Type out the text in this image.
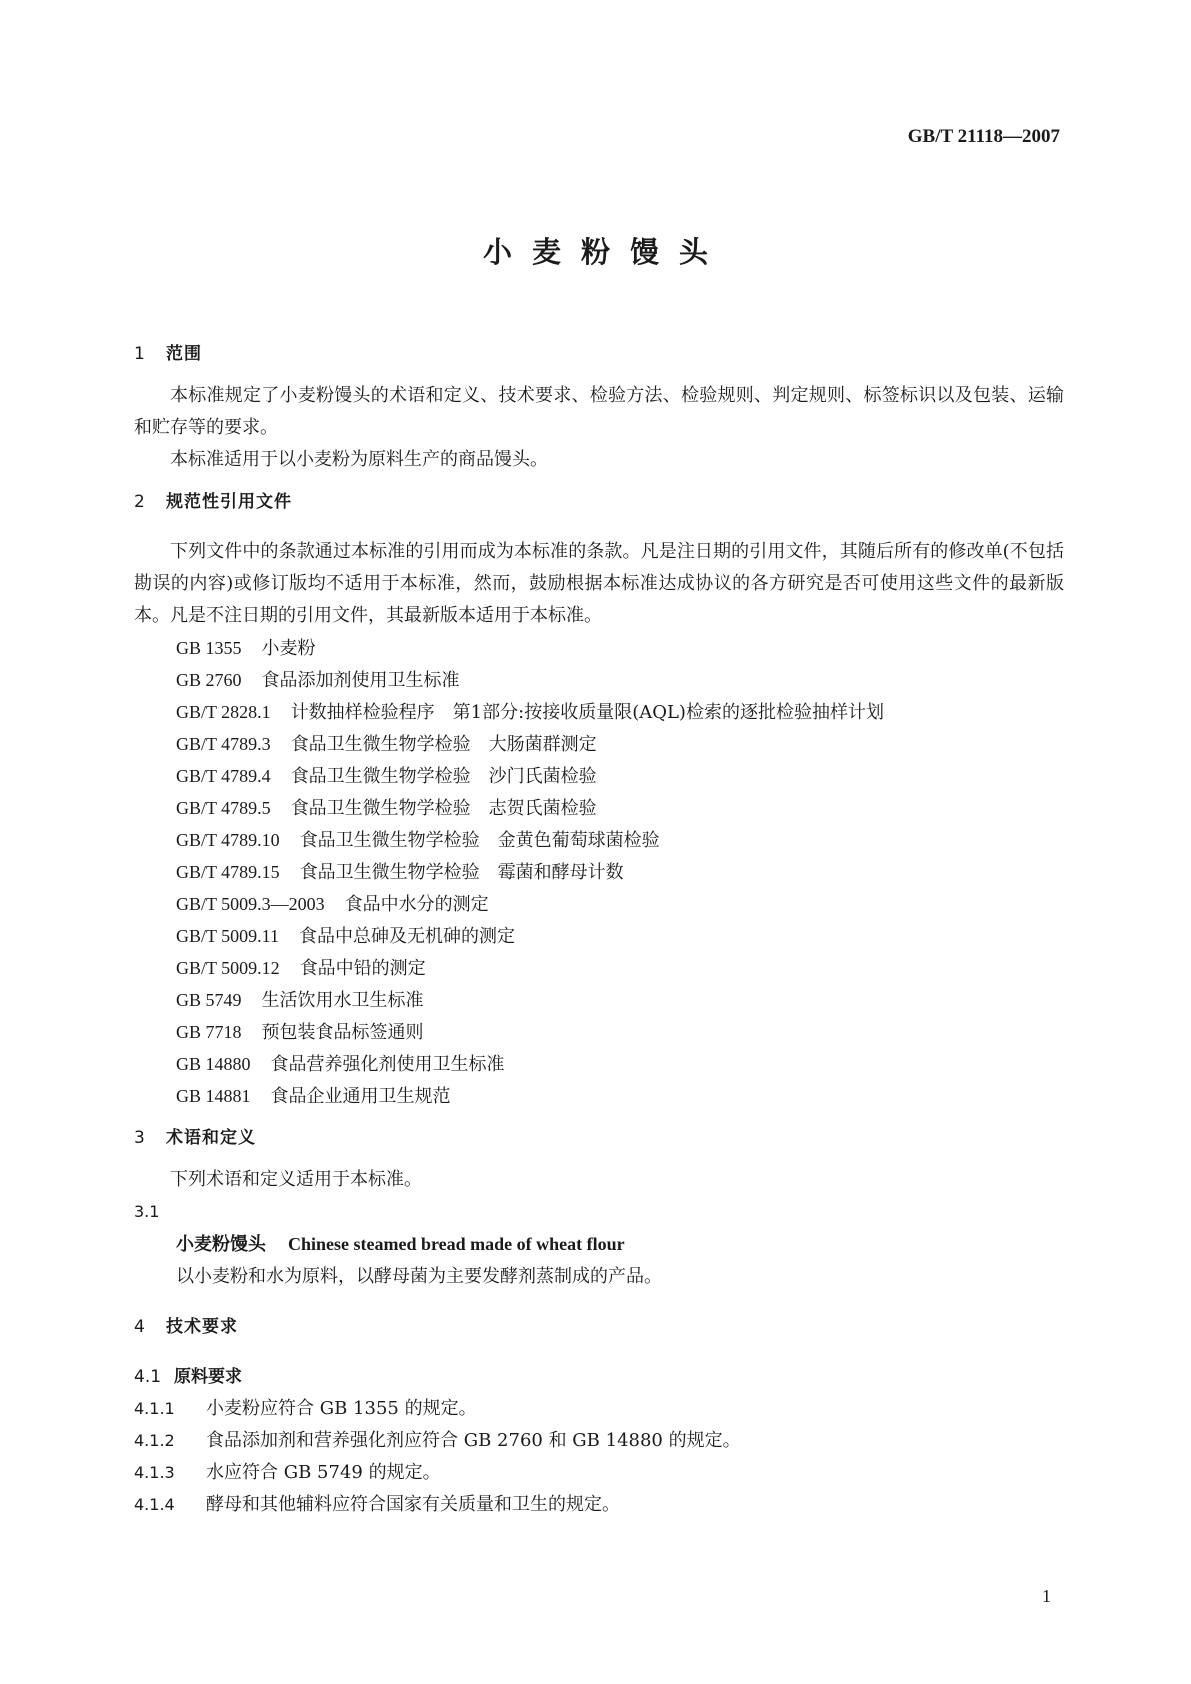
GB/T 21118—2007
小麦粉馒头
1 范围

本标准规定了小麦粉馒头的术语和定义、技术要求、检验方法、检验规则、判定规则、标签标识以及包装、运输和贮存等的要求。

本标准适用于以小麦粉为原料生产的商品馒头。

2 规范性引用文件

下列文件中的条款通过本标准的引用而成为本标准的条款。凡是注日期的引用文件，其随后所有的修改单(不包括勘误的内容)或修订版均不适用于本标准，然而，鼓励根据本标准达成协议的各方研究是否可使用这些文件的最新版本。凡是不注日期的引用文件，其最新版本适用于本标准。

GB 1355 小麦粉
GB 2760 食品添加剂使用卫生标准
GB/T 2828.1 计数抽样检验程序　第1部分:按接收质量限(AQL)检索的逐批检验抽样计划
GB/T 4789.3 食品卫生微生物学检验　大肠菌群测定
GB/T 4789.4 食品卫生微生物学检验　沙门氏菌检验
GB/T 4789.5 食品卫生微生物学检验　志贺氏菌检验
GB/T 4789.10 食品卫生微生物学检验　金黄色葡萄球菌检验
GB/T 4789.15 食品卫生微生物学检验　霉菌和酵母计数
GB/T 5009.3—2003 食品中水分的测定
GB/T 5009.11 食品中总砷及无机砷的测定
GB/T 5009.12 食品中铅的测定
GB 5749 生活饮用水卫生标准
GB 7718 预包装食品标签通则
GB 14880 食品营养强化剂使用卫生标准
GB 14881 食品企业通用卫生规范
3 术语和定义

下列术语和定义适用于本标准。

3.1
小麦粉馒头 Chinese steamed bread made of wheat flour
以小麦粉和水为原料，以酵母菌为主要发酵剂蒸制成的产品。
4 技术要求
4.1 原料要求
4.1.1 小麦粉应符合 GB 1355 的规定。
4.1.2 食品添加剂和营养强化剂应符合 GB 2760 和 GB 14880 的规定。
4.1.3 水应符合 GB 5749 的规定。
4.1.4 酵母和其他辅料应符合国家有关质量和卫生的规定。
1
